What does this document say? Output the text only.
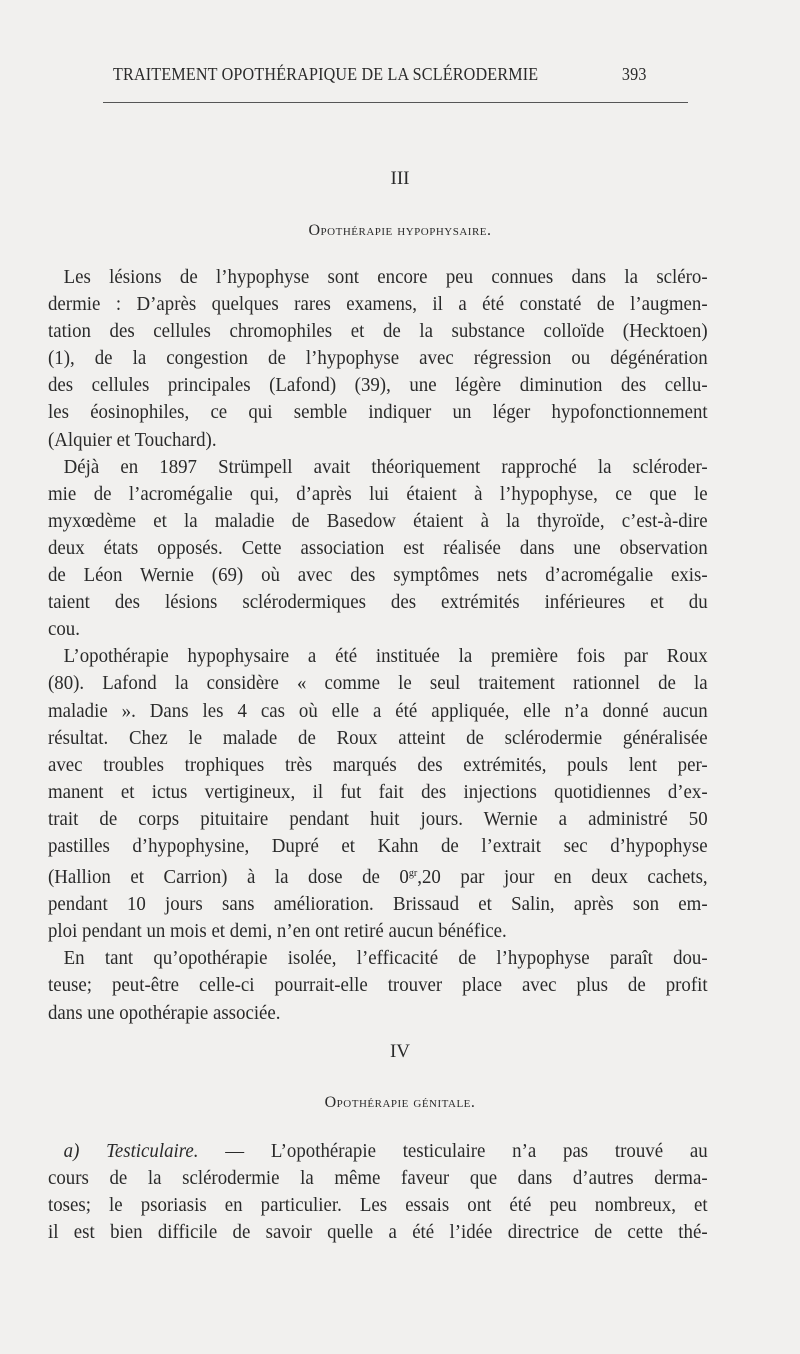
TRAITEMENT OPOTHÉRAPIQUE DE LA SCLÉRODERMIE	393
III
Opothérapie hypophysaire.
Les lésions de l’hypophyse sont encore peu connues dans la scléro-
dermie : D’après quelques rares examens, il a été constaté de l’augmen-
tation des cellules chromophiles et de la substance colloïde (Hecktoen)
(1), de la congestion de l’hypophyse avec régression ou dégénération
des cellules principales (Lafond) (39), une légère diminution des cellu-
les éosinophiles, ce qui semble indiquer un léger hypofonctionnement
(Alquier et Touchard).
Déjà en 1897 Strümpell avait théoriquement rapproché la scléroder-
mie de l’acromégalie qui, d’après lui étaient à l’hypophyse, ce que le
myxœdème et la maladie de Basedow étaient à la thyroïde, c’est-à-dire
deux états opposés. Cette association est réalisée dans une observation
de Léon Wernie (69) où avec des symptômes nets d’acromégalie exis-
taient des lésions sclérodermiques des extrémités inférieures et du
cou.
L’opothérapie hypophysaire a été instituée la première fois par Roux
(80). Lafond la considère « comme le seul traitement rationnel de la
maladie ». Dans les 4 cas où elle a été appliquée, elle n’a donné aucun
résultat. Chez le malade de Roux atteint de sclérodermie généralisée
avec troubles trophiques très marqués des extrémités, pouls lent per-
manent et ictus vertigineux, il fut fait des injections quotidiennes d’ex-
trait de corps pituitaire pendant huit jours. Wernie a administré 50
pastilles d’hypophysine, Dupré et Kahn de l’extrait sec d’hypophyse
(Hallion et Carrion) à la dose de $0^{gr},20$ par jour en deux cachets,
pendant 10 jours sans amélioration. Brissaud et Salin, après son em-
ploi pendant un mois et demi, n’en ont retiré aucun bénéfice.
En tant qu’opothérapie isolée, l’efficacité de l’hypophyse paraît dou-
teuse; peut-être celle-ci pourrait-elle trouver place avec plus de profit
dans une opothérapie associée.
IV
Opothérapie génitale.
a) Testiculaire. — L’opothérapie testiculaire n’a pas trouvé au
cours de la sclérodermie la même faveur que dans d’autres derma-
toses; le psoriasis en particulier. Les essais ont été peu nombreux, et
il est bien difficile de savoir quelle a été l’idée directrice de cette thé-
